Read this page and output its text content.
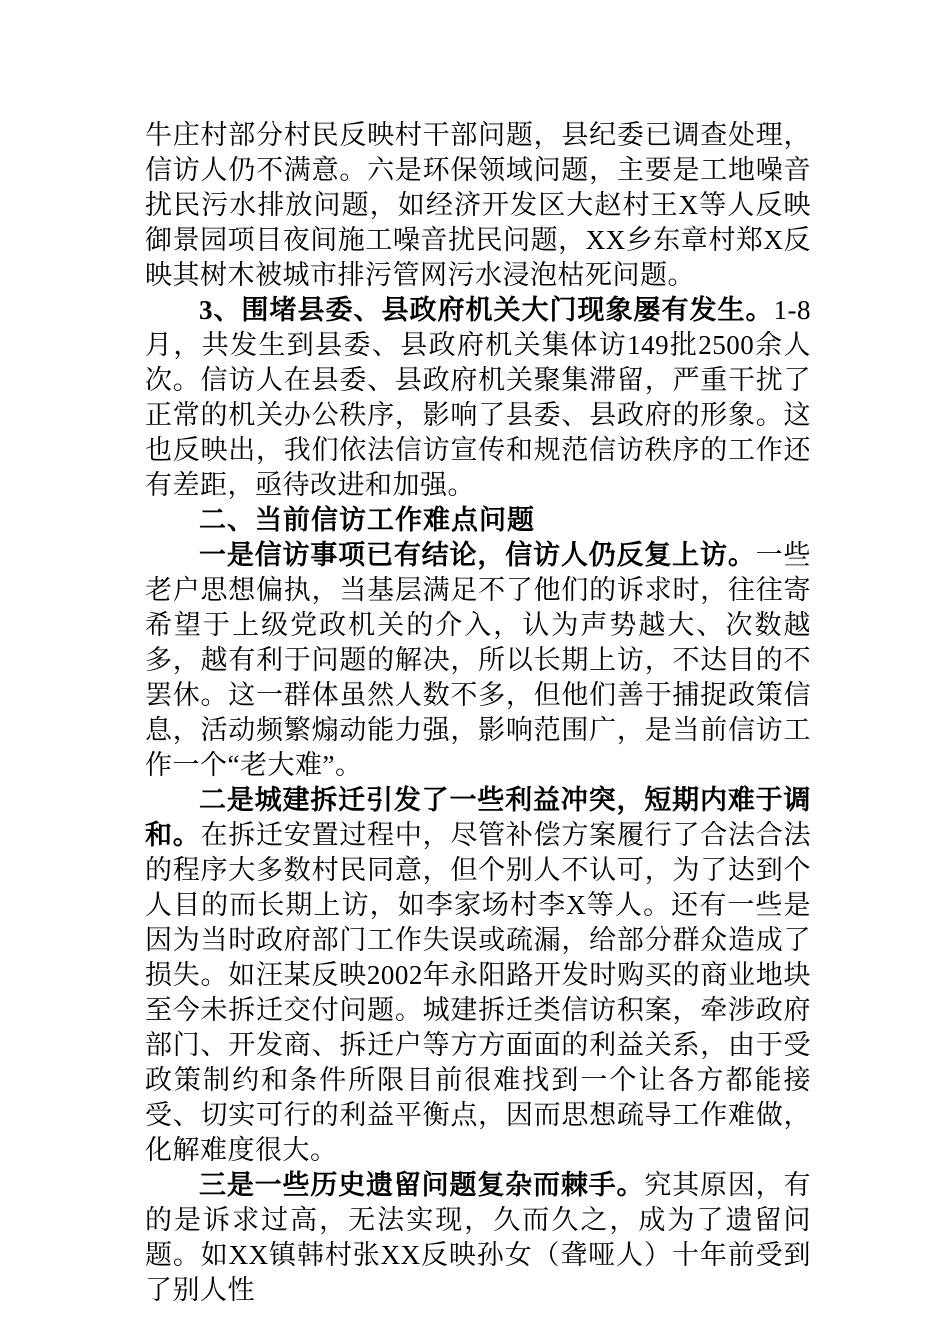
牛庄村部分村民反映村干部问题，县纪委已调查处理，信访人仍不满意。六是环保领域问题，主要是工地噪音扰民污水排放问题，如经济开发区大赵村王X等人反映御景园项目夜间施工噪音扰民问题，XX乡东章村郑X反映其树木被城市排污管网污水浸泡枯死问题。

3、围堵县委、县政府机关大门现象屡有发生。1-8月，共发生到县委、县政府机关集体访149批2500余人次。信访人在县委、县政府机关聚集滞留，严重干扰了正常的机关办公秩序，影响了县委、县政府的形象。这也反映出，我们依法信访宣传和规范信访秩序的工作还有差距，亟待改进和加强。

二、当前信访工作难点问题

一是信访事项已有结论，信访人仍反复上访。一些老户思想偏执，当基层满足不了他们的诉求时，往往寄希望于上级党政机关的介入，认为声势越大、次数越多，越有利于问题的解决，所以长期上访，不达目的不罢休。这一群体虽然人数不多，但他们善于捕捉政策信息，活动频繁煽动能力强，影响范围广，是当前信访工作一个“老大难”。

二是城建拆迁引发了一些利益冲突，短期内难于调和。在拆迁安置过程中，尽管补偿方案履行了合法合法的程序大多数村民同意，但个别人不认可，为了达到个人目的而长期上访，如李家场村李X等人。还有一些是因为当时政府部门工作失误或疏漏，给部分群众造成了损失。如汪某反映2002年永阳路开发时购买的商业地块至今未拆迁交付问题。城建拆迁类信访积案，牵涉政府部门、开发商、拆迁户等方方面面的利益关系，由于受政策制约和条件所限目前很难找到一个让各方都能接受、切实可行的利益平衡点，因而思想疏导工作难做，化解难度很大。

三是一些历史遗留问题复杂而棘手。究其原因，有的是诉求过高，无法实现，久而久之，成为了遗留问题。如XX镇韩村张XX反映孙女（聋哑人）十年前受到了别人性
